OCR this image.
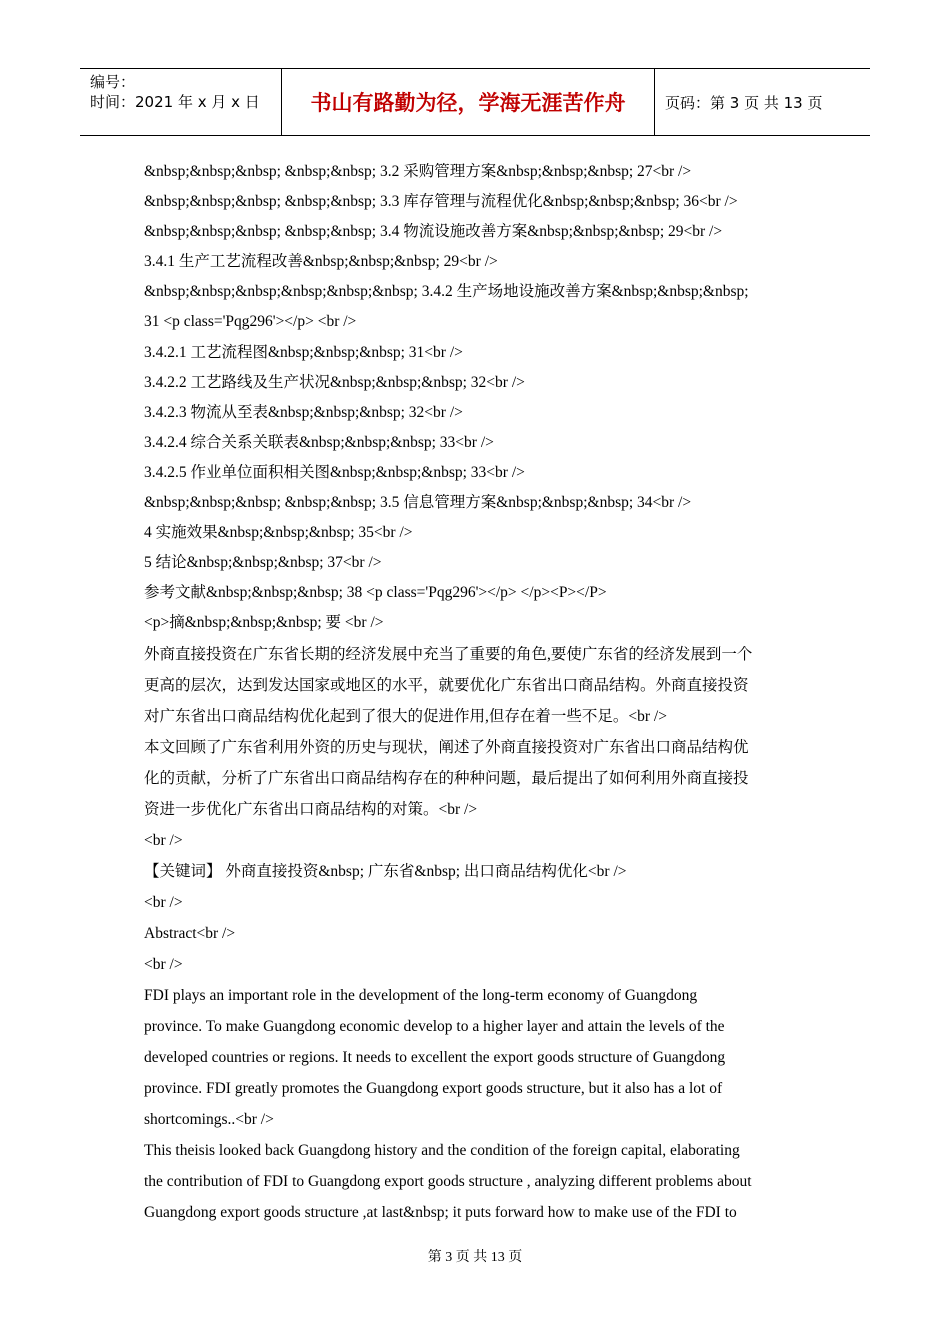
编号：
时间：2021 年 x 月 x 日	书山有路勤为径，学海无涯苦作舟	页码：第 3 页 共 13 页
&nbsp;&nbsp;&nbsp; &nbsp;&nbsp; 3.2 采购管理方案&nbsp;&nbsp;&nbsp; 27<br />
&nbsp;&nbsp;&nbsp; &nbsp;&nbsp; 3.3 库存管理与流程优化&nbsp;&nbsp;&nbsp; 36<br />
&nbsp;&nbsp;&nbsp; &nbsp;&nbsp; 3.4 物流设施改善方案&nbsp;&nbsp;&nbsp; 29<br />
3.4.1 生产工艺流程改善&nbsp;&nbsp;&nbsp; 29<br />
&nbsp;&nbsp;&nbsp;&nbsp;&nbsp;&nbsp; 3.4.2 生产场地设施改善方案&nbsp;&nbsp;&nbsp;
31 <p class='Pqg296'></p> <br />
3.4.2.1 工艺流程图&nbsp;&nbsp;&nbsp; 31<br />
3.4.2.2 工艺路线及生产状况&nbsp;&nbsp;&nbsp; 32<br />
3.4.2.3 物流从至表&nbsp;&nbsp;&nbsp; 32<br />
3.4.2.4 综合关系关联表&nbsp;&nbsp;&nbsp; 33<br />
3.4.2.5 作业单位面积相关图&nbsp;&nbsp;&nbsp; 33<br />
&nbsp;&nbsp;&nbsp; &nbsp;&nbsp; 3.5 信息管理方案&nbsp;&nbsp;&nbsp; 34<br />
4 实施效果&nbsp;&nbsp;&nbsp; 35<br />
5 结论&nbsp;&nbsp;&nbsp; 37<br />
参考文献&nbsp;&nbsp;&nbsp; 38 <p class='Pqg296'></p> </p><P></P>
<p>摘&nbsp;&nbsp;&nbsp; 要 <br />
外商直接投资在广东省长期的经济发展中充当了重要的角色,要使广东省的经济发展到一个
更高的层次，达到发达国家或地区的水平，就要优化广东省出口商品结构。外商直接投资
对广东省出口商品结构优化起到了很大的促进作用,但存在着一些不足。<br />
本文回顾了广东省利用外资的历史与现状，阐述了外商直接投资对广东省出口商品结构优
化的贡献，分析了广东省出口商品结构存在的种种问题，最后提出了如何利用外商直接投
资进一步优化广东省出口商品结构的对策。<br />
<br />
【关键词】 外商直接投资&nbsp; 广东省&nbsp; 出口商品结构优化<br />
<br />
Abstract<br />
<br />
FDI plays an important role in the development of the long-term economy of Guangdong
province. To make Guangdong economic develop to a higher layer and attain the levels of the
developed countries or regions. It needs to excellent the export goods structure of Guangdong
province. FDI greatly promotes the Guangdong export goods structure, but it also has a lot of
shortcomings..<br />
This theisis looked back Guangdong history and the condition of the foreign capital, elaborating
the contribution of FDI to Guangdong export goods structure , analyzing different problems about
Guangdong export goods structure ,at last&nbsp; it puts forward how to make use of the FDI to
第 3 页 共 13 页
